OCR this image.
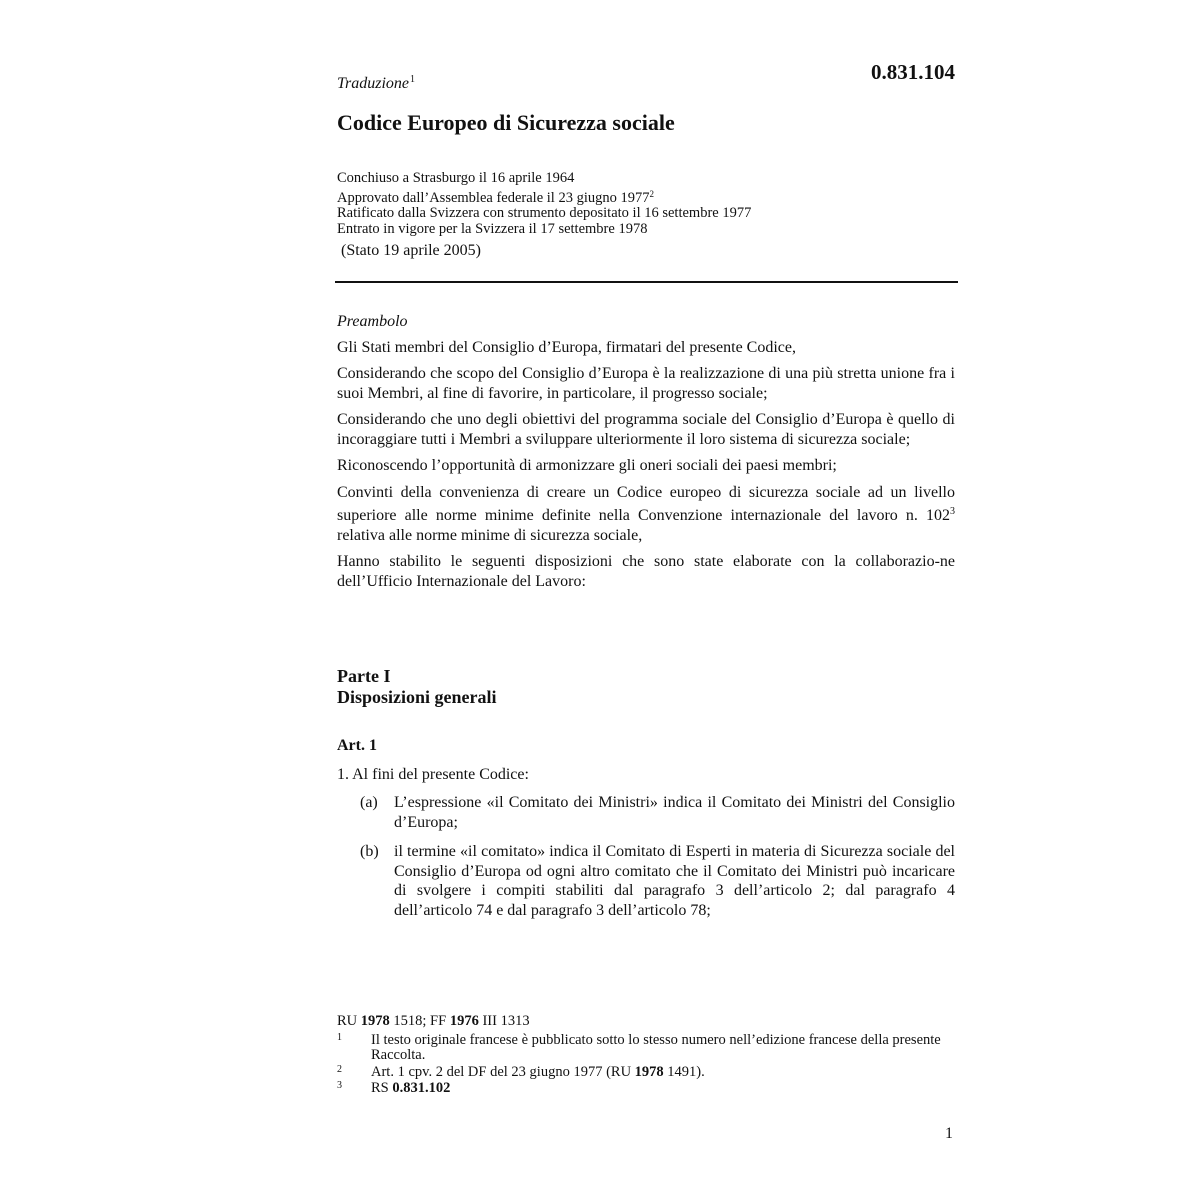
Traduzione$^1$	0.831.104
Codice Europeo di Sicurezza sociale
Conchiuso a Strasburgo il 16 aprile 1964
Approvato dall’Assemblea federale il 23 giugno 1977$^2$
Ratificato dalla Svizzera con strumento depositato il 16 settembre 1977
Entrato in vigore per la Svizzera il 17 settembre 1978
(Stato 19 aprile 2005)

Preambolo

Gli Stati membri del Consiglio d’Europa, firmatari del presente Codice,

Considerando che scopo del Consiglio d’Europa è la realizzazione di una più stretta unione fra i suoi Membri, al fine di favorire, in particolare, il progresso sociale;

Considerando che uno degli obiettivi del programma sociale del Consiglio d’Europa è quello di incoraggiare tutti i Membri a sviluppare ulteriormente il loro sistema di sicurezza sociale;

Riconoscendo l’opportunità di armonizzare gli oneri sociali dei paesi membri;

Convinti della convenienza di creare un Codice europeo di sicurezza sociale ad un livello superiore alle norme minime definite nella Convenzione internazionale del lavoro n. $102^3$ relativa alle norme minime di sicurezza sociale,

Hanno stabilito le seguenti disposizioni che sono state elaborate con la collaborazio-ne dell’Ufficio Internazionale del Lavoro:

Parte I
Disposizioni generali
Art. 1
1. Al fini del presente Codice:
(a) L’espressione «il Comitato dei Ministri» indica il Comitato dei Ministri del Consiglio d’Europa;
(b) il termine «il comitato» indica il Comitato di Esperti in materia di Sicurezza sociale del Consiglio d’Europa od ogni altro comitato che il Comitato dei Ministri può incaricare di svolgere i compiti stabiliti dal paragrafo 3 dell’articolo 2; dal paragrafo 4 dell’articolo 74 e dal paragrafo 3 dell’articolo 78;
RU 1978 1518; FF 1976 III 1313
1 Il testo originale francese è pubblicato sotto lo stesso numero nell’edizione francese della presente Raccolta.
2 Art. 1 cpv. 2 del DF del 23 giugno 1977 (RU 1978 1491).
3 RS 0.831.102
1
